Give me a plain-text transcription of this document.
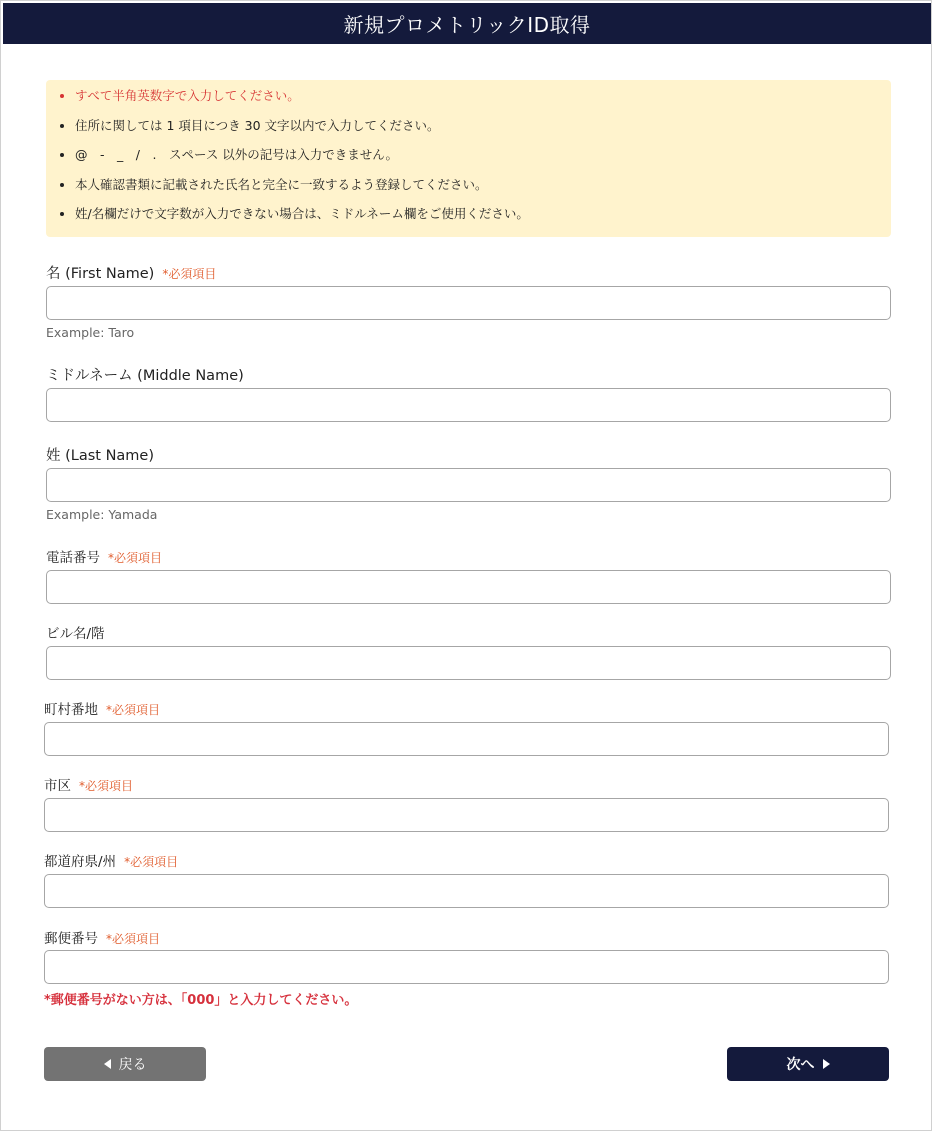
新規プロメトリックID取得
• すべて半角英数字で入力してください。
• 住所に関しては 1 項目につき 30 文字以内で入力してください。
• @　-　_　/　.　スペース 以外の記号は入力できません。
• 本人確認書類に記載された氏名と完全に一致するよう登録してください。
• 姓/名欄だけで文字数が入力できない場合は、ミドルネーム欄をご使用ください。
名 (First Name) *必須項目
Example: Taro
ミドルネーム (Middle Name)
姓 (Last Name)
Example: Yamada
電話番号 *必須項目
ビル名/階
町村番地 *必須項目
市区 *必須項目
都道府県/州 *必須項目
郵便番号 *必須項目
*郵便番号がない方は、「000」と入力してください。
戻る	次へ
